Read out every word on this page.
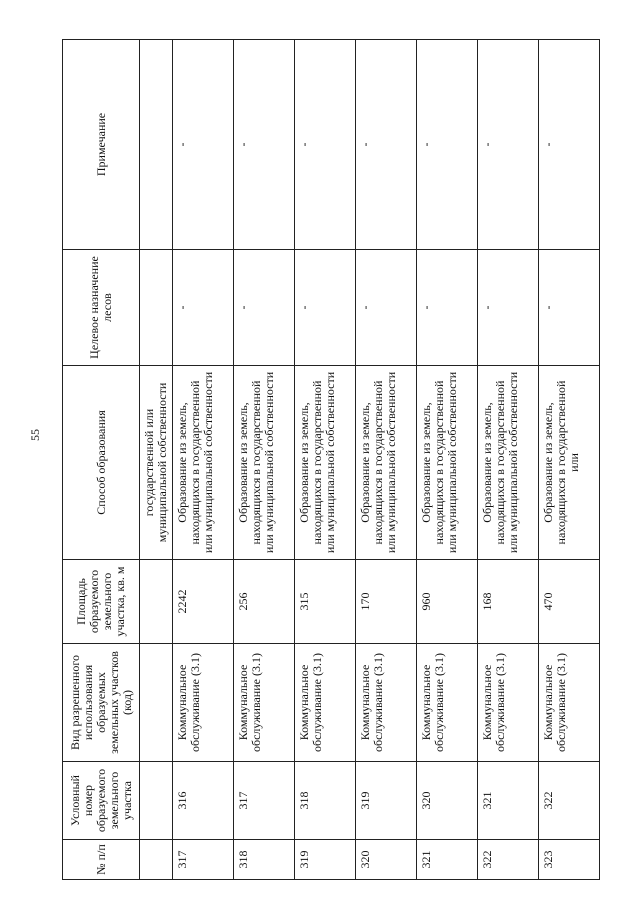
55
№ п/п	Условный номер образуемого земельного участка	Вид разрешенного использования образуемых земельных участков (код)	Площадь образуемого земельного участка, кв. м	Способ образования	Целевое назначение лесов	Примечание
				государственной или муниципальной собственности		
317	316	Коммунальное обслуживание (3.1)	2242	Образование из земель, находящихся в государственной или муниципальной собственности	-	-
318	317	Коммунальное обслуживание (3.1)	256	Образование из земель, находящихся в государственной или муниципальной собственности	-	-
319	318	Коммунальное обслуживание (3.1)	315	Образование из земель, находящихся в государственной или муниципальной собственности	-	-
320	319	Коммунальное обслуживание (3.1)	170	Образование из земель, находящихся в государственной или муниципальной собственности	-	-
321	320	Коммунальное обслуживание (3.1)	960	Образование из земель, находящихся в государственной или муниципальной собственности	-	-
322	321	Коммунальное обслуживание (3.1)	168	Образование из земель, находящихся в государственной или муниципальной собственности	-	-
323	322	Коммунальное обслуживание (3.1)	470	Образование из земель, находящихся в государственной или	-	-
